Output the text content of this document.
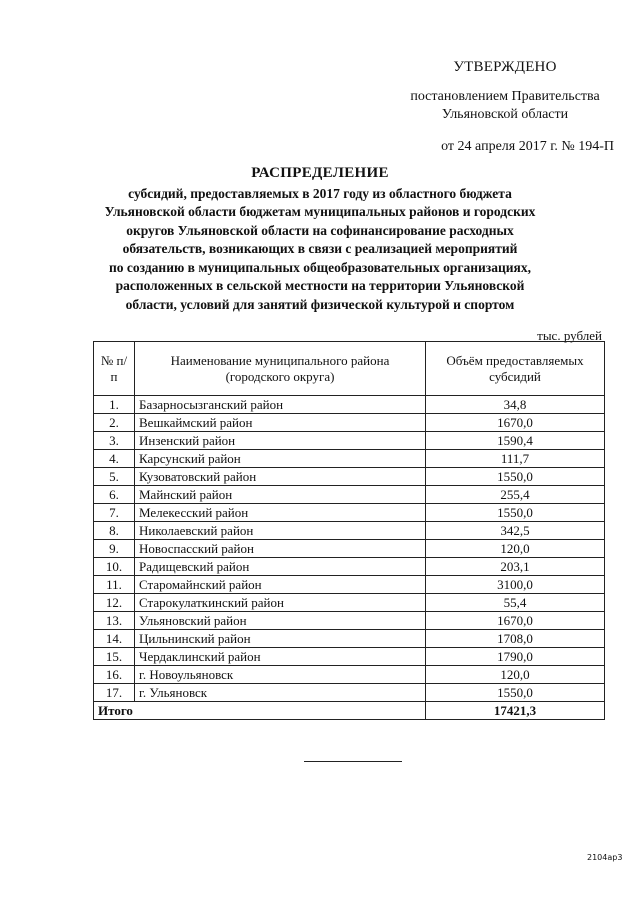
УТВЕРЖДЕНО
постановлением Правительства
Ульяновской области
от 24 апреля 2017 г. № 194-П
РАСПРЕДЕЛЕНИЕ
субсидий, предоставляемых в 2017 году из областного бюджета
Ульяновской области бюджетам муниципальных районов и городских
округов Ульяновской области на софинансирование расходных
обязательств, возникающих в связи с реализацией мероприятий
по созданию в муниципальных общеобразовательных организациях,
расположенных в сельской местности на территории Ульяновской
области, условий для занятий физической культурой и спортом
тыс. рублей
№ п/п	Наименование муниципального района (городского округа)	Объём предоставляемых субсидий
1.	Базарносызганский район	34,8
2.	Вешкаймский район	1670,0
3.	Инзенский район	1590,4
4.	Карсунский район	111,7
5.	Кузоватовский район	1550,0
6.	Майнский район	255,4
7.	Мелекесский район	1550,0
8.	Николаевский район	342,5
9.	Новоспасский район	120,0
10.	Радищевский район	203,1
11.	Старомайнский район	3100,0
12.	Старокулаткинский район	55,4
13.	Ульяновский район	1670,0
14.	Цильнинский район	1708,0
15.	Чердаклинский район	1790,0
16.	г. Новоульяновск	120,0
17.	г. Ульяновск	1550,0
Итого		17421,3
2104ар3
